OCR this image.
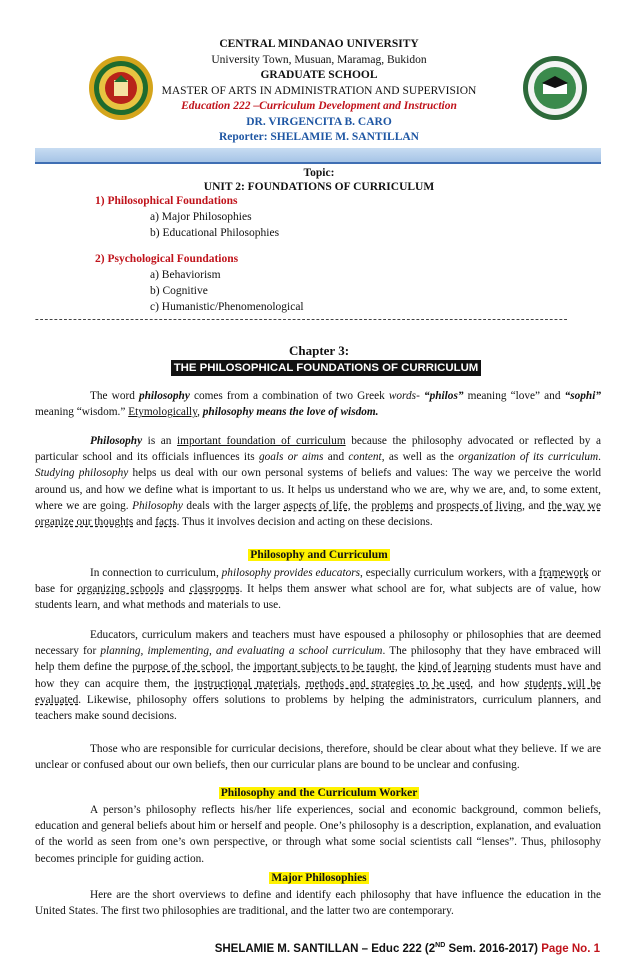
CENTRAL MINDANAO UNIVERSITY
University Town, Musuan, Maramag, Bukidon
GRADUATE SCHOOL
MASTER OF ARTS IN ADMINISTRATION AND SUPERVISION
Education 222 –Curriculum Development and Instruction
DR. VIRGENCITA B. CARO
Reporter: SHELAMIE M. SANTILLAN
Topic:
UNIT 2: FOUNDATIONS OF CURRICULUM
1) Philosophical Foundations
a) Major Philosophies
b) Educational Philosophies
2) Psychological Foundations
a) Behaviorism
b) Cognitive
c) Humanistic/Phenomenological
----------------------------------------------------------------------------------------------------------------
Chapter 3:
THE PHILOSOPHICAL FOUNDATIONS OF CURRICULUM
The word philosophy comes from a combination of two Greek words- “philos” meaning “love” and “sophi” meaning “wisdom.” Etymologically, philosophy means the love of wisdom.
Philosophy is an important foundation of curriculum because the philosophy advocated or reflected by a particular school and its officials influences its goals or aims and content, as well as the organization of its curriculum. Studying philosophy helps us deal with our own personal systems of beliefs and values: The way we perceive the world around us, and how we define what is important to us. It helps us understand who we are, why we are, and, to some extent, where we are going. Philosophy deals with the larger aspects of life, the problems and prospects of living, and the way we organize our thoughts and facts. Thus it involves decision and acting on these decisions.
Philosophy and Curriculum
In connection to curriculum, philosophy provides educators, especially curriculum workers, with a framework or base for organizing schools and classrooms. It helps them answer what school are for, what subjects are of value, how students learn, and what methods and materials to use.
Educators, curriculum makers and teachers must have espoused a philosophy or philosophies that are deemed necessary for planning, implementing, and evaluating a school curriculum. The philosophy that they have embraced will help them define the purpose of the school, the important subjects to be taught, the kind of learning students must have and how they can acquire them, the instructional materials, methods and strategies to be used, and how students will be evaluated. Likewise, philosophy offers solutions to problems by helping the administrators, curriculum planners, and teachers make sound decisions.
Those who are responsible for curricular decisions, therefore, should be clear about what they believe. If we are unclear or confused about our own beliefs, then our curricular plans are bound to be unclear and confusing.
Philosophy and the Curriculum Worker
A person’s philosophy reflects his/her life experiences, social and economic background, common beliefs, education and general beliefs about him or herself and people. One’s philosophy is a description, explanation, and evaluation of the world as seen from one’s own perspective, or through what some social scientists call “lenses”. Thus, philosophy becomes principle for guiding action.
Major Philosophies
Here are the short overviews to define and identify each philosophy that have influence the education in the United States. The first two philosophies are traditional, and the latter two are contemporary.
SHELAMIE M. SANTILLAN – Educ 222 (2ND Sem. 2016-2017) Page No. 1
